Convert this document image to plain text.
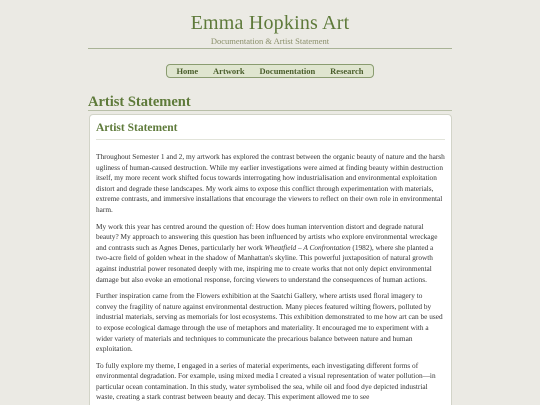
Emma Hopkins Art
Documentation & Artist Statement
Home Artwork Documentation Research
Artist Statement
Artist Statement

Throughout Semester 1 and 2, my artwork has explored the contrast between the organic beauty of nature and the harsh ugliness of human-caused destruction. While my earlier investigations were aimed at finding beauty within destruction itself, my more recent work shifted focus towards interrogating how industrialisation and environmental exploitation distort and degrade these landscapes. My work aims to expose this conflict through experimentation with materials, extreme contrasts, and immersive installations that encourage the viewers to reflect on their own role in environmental harm.

My work this year has centred around the question of: How does human intervention distort and degrade natural beauty? My approach to answering this question has been influenced by artists who explore environmental wreckage and contrasts such as Agnes Denes, particularly her work Wheatfield – A Confrontation (1982), where she planted a two-acre field of golden wheat in the shadow of Manhattan's skyline. This powerful juxtaposition of natural growth against industrial power resonated deeply with me, inspiring me to create works that not only depict environmental damage but also evoke an emotional response, forcing viewers to understand the consequences of human actions.

Further inspiration came from the Flowers exhibition at the Saatchi Gallery, where artists used floral imagery to convey the fragility of nature against environmental destruction. Many pieces featured wilting flowers, polluted by industrial materials, serving as memorials for lost ecosystems. This exhibition demonstrated to me how art can be used to expose ecological damage through the use of metaphors and materiality. It encouraged me to experiment with a wider variety of materials and techniques to communicate the precarious balance between nature and human exploitation.

To fully explore my theme, I engaged in a series of material experiments, each investigating different forms of environmental degradation. For example, using mixed media I created a visual representation of water pollution—in particular ocean contamination. In this study, water symbolised the sea, while oil and food dye depicted industrial waste, creating a stark contrast between beauty and decay. This experiment allowed me to see
